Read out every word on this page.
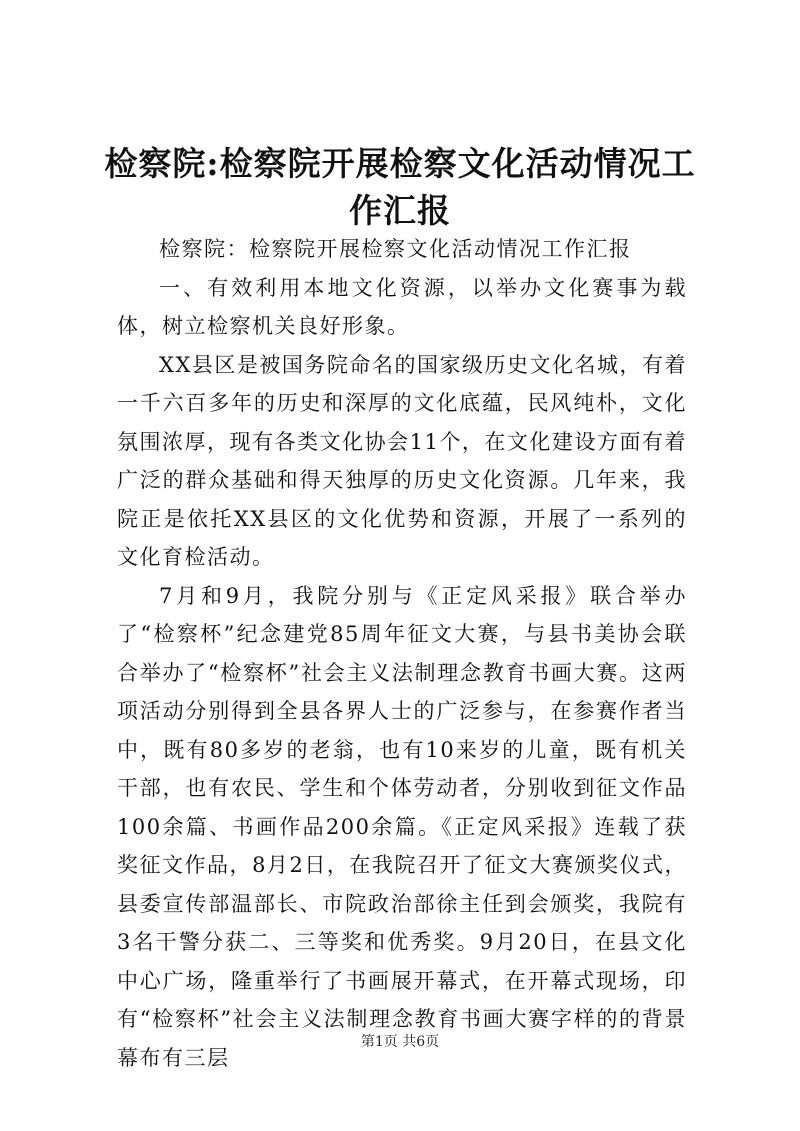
检察院:检察院开展检察文化活动情况工作汇报

检察院：检察院开展检察文化活动情况工作汇报

一、有效利用本地文化资源，以举办文化赛事为载体，树立检察机关良好形象。

XX县区是被国务院命名的国家级历史文化名城，有着一千六百多年的历史和深厚的文化底蕴，民风纯朴，文化氛围浓厚，现有各类文化协会11个，在文化建设方面有着广泛的群众基础和得天独厚的历史文化资源。几年来，我院正是依托XX县区的文化优势和资源，开展了一系列的文化育检活动。

7月和9月，我院分别与《正定风采报》联合举办了“检察杯”纪念建党85周年征文大赛，与县书美协会联合举办了“检察杯”社会主义法制理念教育书画大赛。这两项活动分别得到全县各界人士的广泛参与，在参赛作者当中，既有80多岁的老翁，也有10来岁的儿童，既有机关干部，也有农民、学生和个体劳动者，分别收到征文作品100余篇、书画作品200余篇。《正定风采报》连载了获奖征文作品，8月2日，在我院召开了征文大赛颁奖仪式，县委宣传部温部长、市院政治部徐主任到会颁奖，我院有3名干警分获二、三等奖和优秀奖。9月20日，在县文化中心广场，隆重举行了书画展开幕式，在开幕式现场，印有“检察杯”社会主义法制理念教育书画大赛字样的的背景幕布有三层

第1页 共6页
